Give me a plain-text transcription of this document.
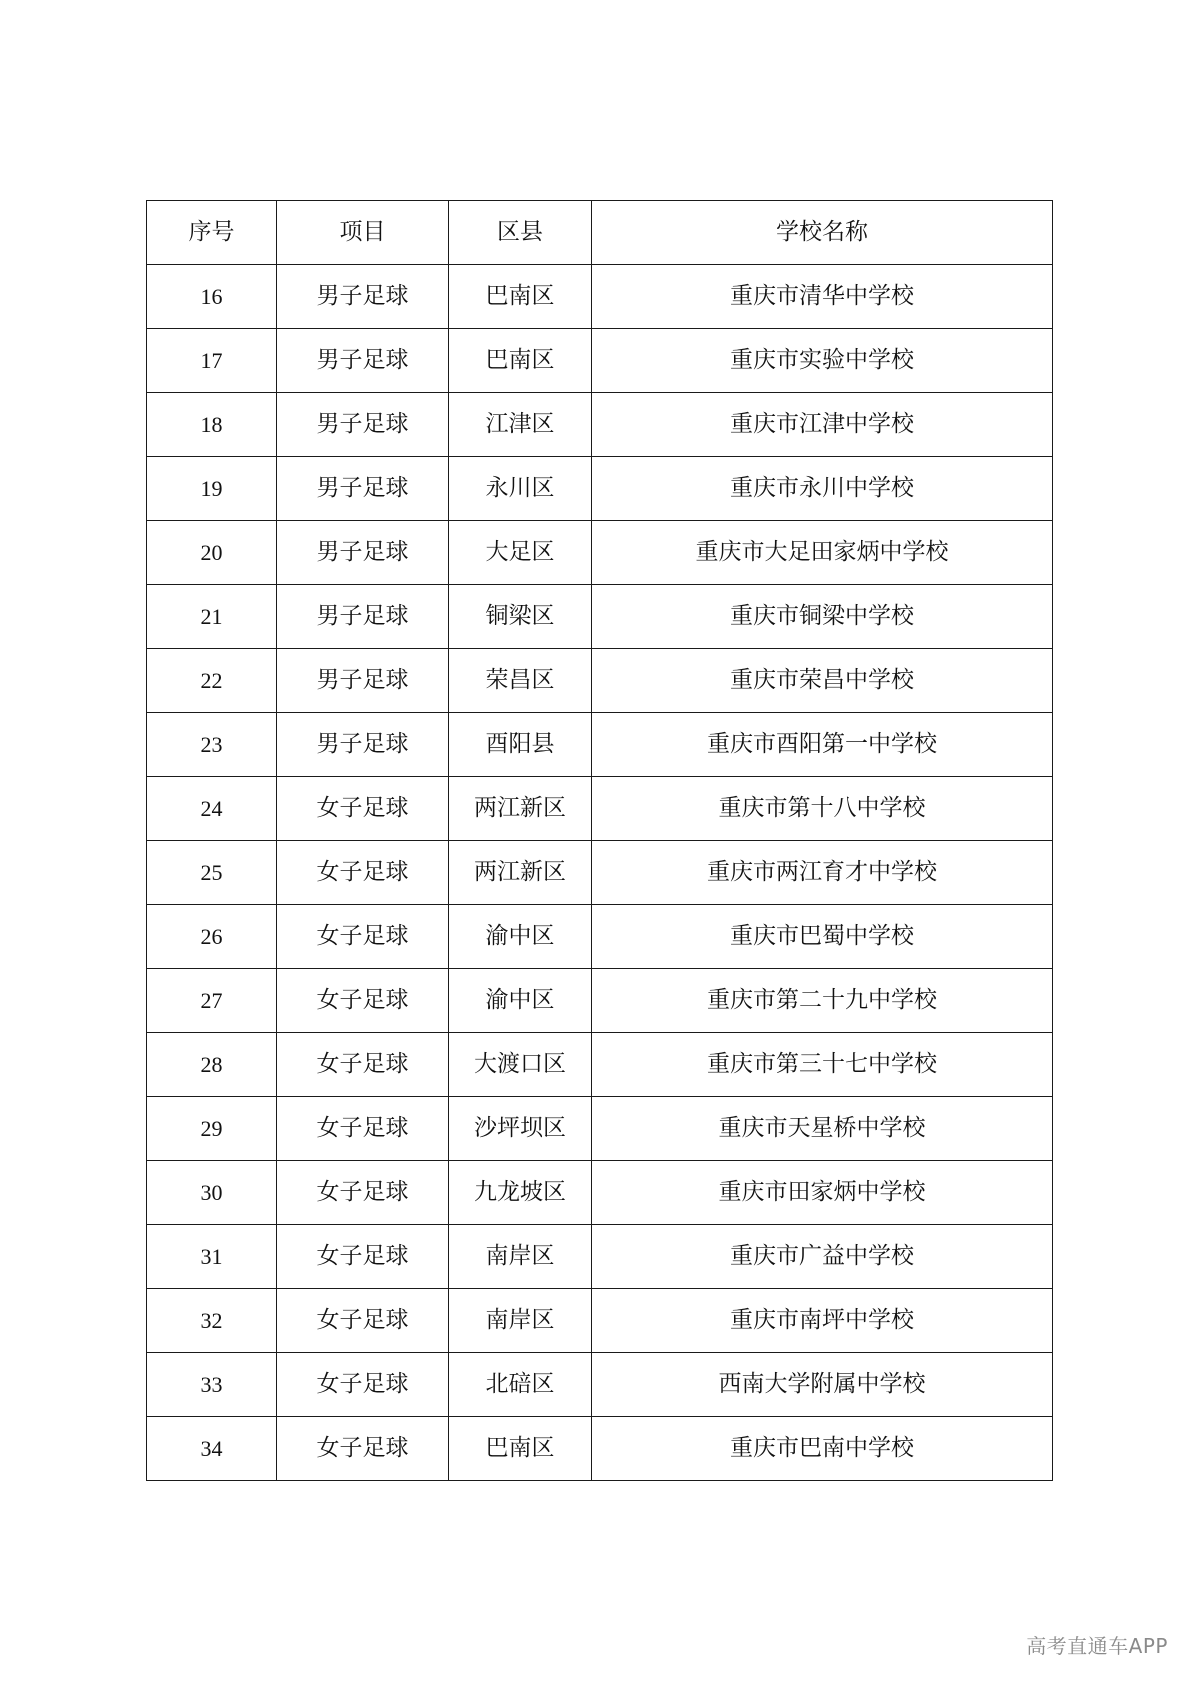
序号	项目	区县	学校名称
16	男子足球	巴南区	重庆市清华中学校
17	男子足球	巴南区	重庆市实验中学校
18	男子足球	江津区	重庆市江津中学校
19	男子足球	永川区	重庆市永川中学校
20	男子足球	大足区	重庆市大足田家炳中学校
21	男子足球	铜梁区	重庆市铜梁中学校
22	男子足球	荣昌区	重庆市荣昌中学校
23	男子足球	酉阳县	重庆市酉阳第一中学校
24	女子足球	两江新区	重庆市第十八中学校
25	女子足球	两江新区	重庆市两江育才中学校
26	女子足球	渝中区	重庆市巴蜀中学校
27	女子足球	渝中区	重庆市第二十九中学校
28	女子足球	大渡口区	重庆市第三十七中学校
29	女子足球	沙坪坝区	重庆市天星桥中学校
30	女子足球	九龙坡区	重庆市田家炳中学校
31	女子足球	南岸区	重庆市广益中学校
32	女子足球	南岸区	重庆市南坪中学校
33	女子足球	北碚区	西南大学附属中学校
34	女子足球	巴南区	重庆市巴南中学校
高考直通车APP
